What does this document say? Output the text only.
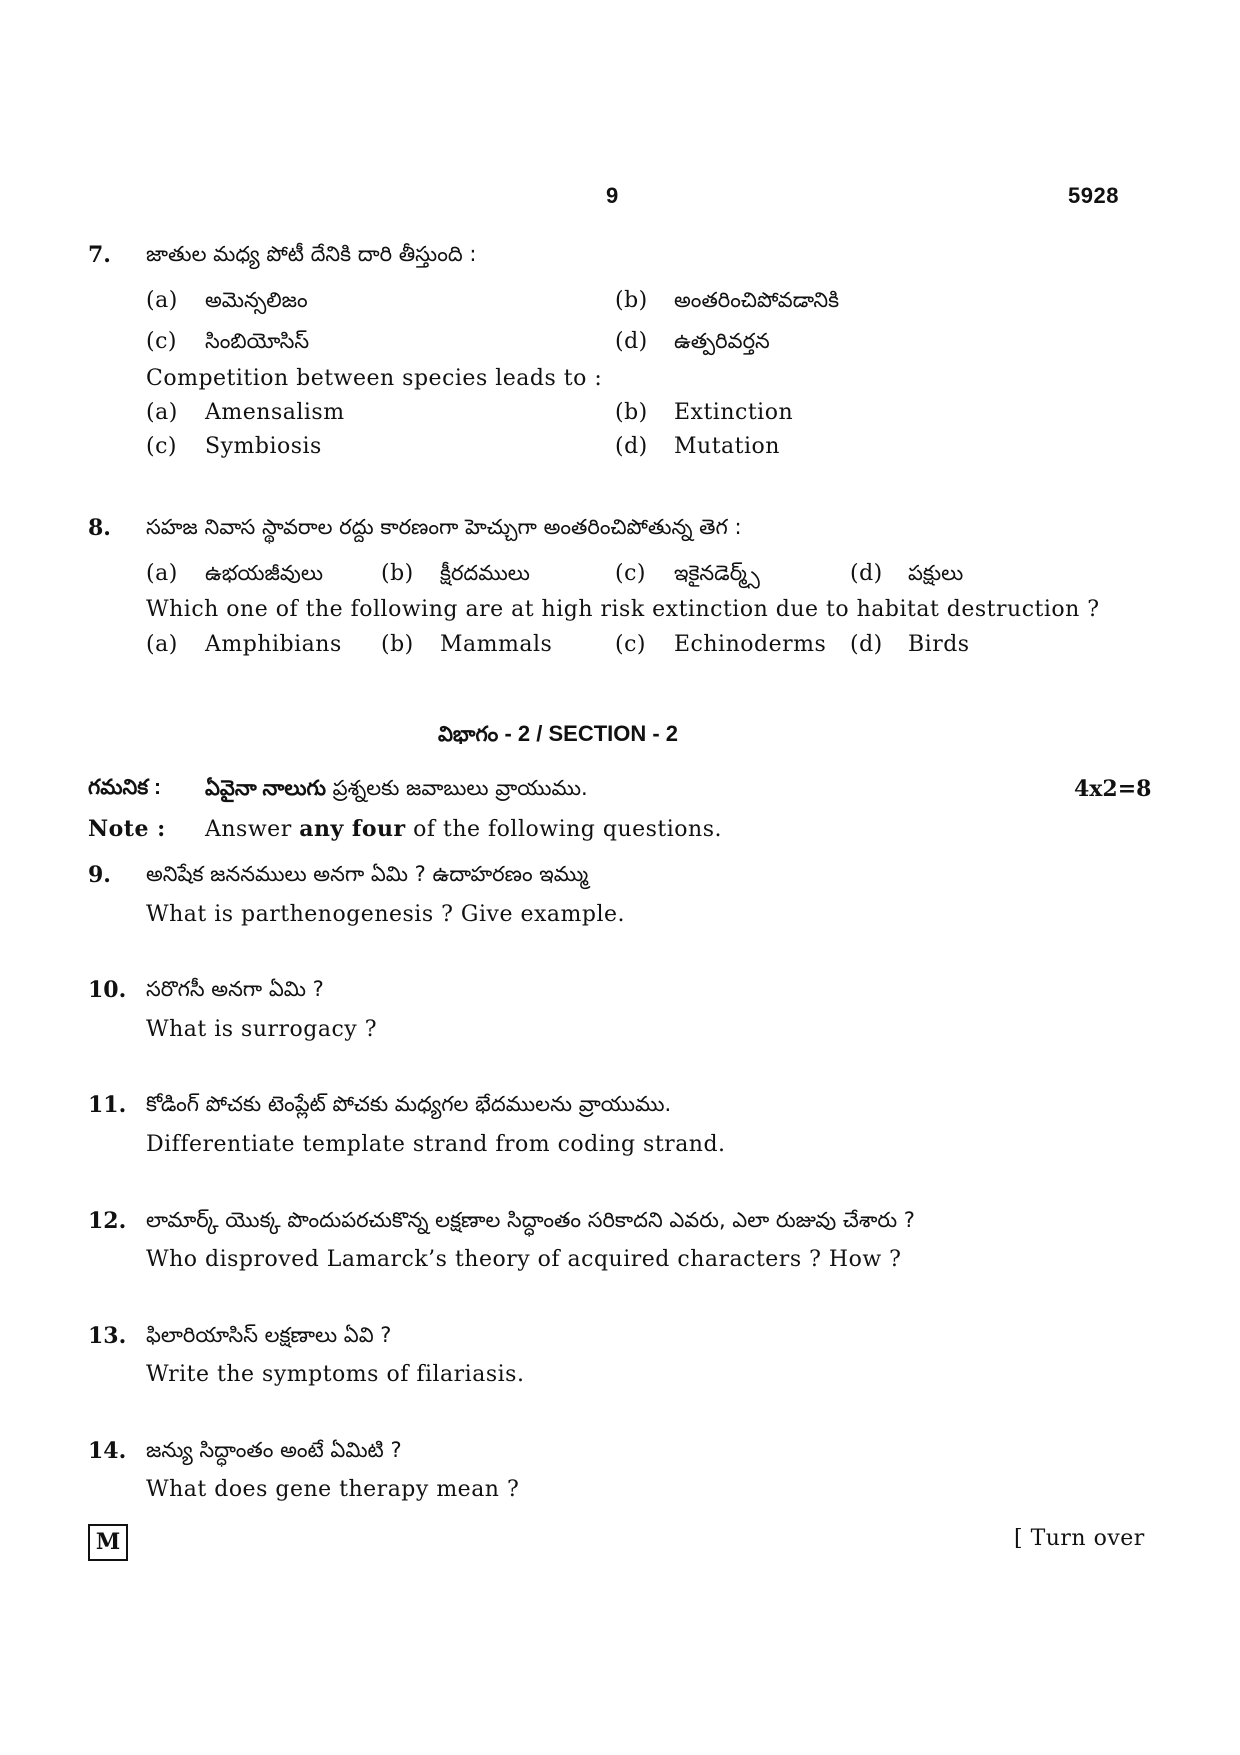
9	5928
7. జాతుల మధ్య పోటీ దేనికి దారి తీస్తుంది :
(a) అమెన్సలిజం	(b) అంతరించిపోవడానికి
(c) సింబియోసిస్	(d) ఉత్పరివర్తన
Competition between species leads to :
(a) Amensalism	(b) Extinction
(c) Symbiosis	(d) Mutation
8. సహజ నివాస స్థావరాల రద్దు కారణంగా హెచ్చుగా అంతరించిపోతున్న తెగ :
(a) ఉభయజీవులు	(b) క్షీరదములు	(c) ఇకైనడెర్మ్స్	(d) పక్షులు
Which one of the following are at high risk extinction due to habitat destruction ?
(a) Amphibians (b) Mammals	(c) Echinoderms (d) Birds
విభాగం - 2 / SECTION - 2
గమనిక : ఏవైనా నాలుగు ప్రశ్నలకు జవాబులు వ్రాయుము.	4x2=8
Note : Answer any four of the following questions.
9. అనిషేక జననములు అనగా ఏమి ? ఉదాహరణం ఇమ్ము
What is parthenogenesis ? Give example.
10. సరొగసీ అనగా ఏమి ?
What is surrogacy ?
11. కోడింగ్ పోచకు టెంప్లేట్ పోచకు మధ్యగల భేదములను వ్రాయుము.
Differentiate template strand from coding strand.
12. లామార్క్ యొక్క పొందుపరచుకొన్న లక్షణాల సిద్ధాంతం సరికాదని ఎవరు, ఎలా రుజువు చేశారు ?
Who disproved Lamarck’s theory of acquired characters ? How ?
13. ఫిలారియాసిస్ లక్షణాలు ఏవి ?
Write the symptoms of filariasis.
14. జన్యు సిద్ధాంతం అంటే ఏమిటి ?
What does gene therapy mean ?
M	[ Turn over
